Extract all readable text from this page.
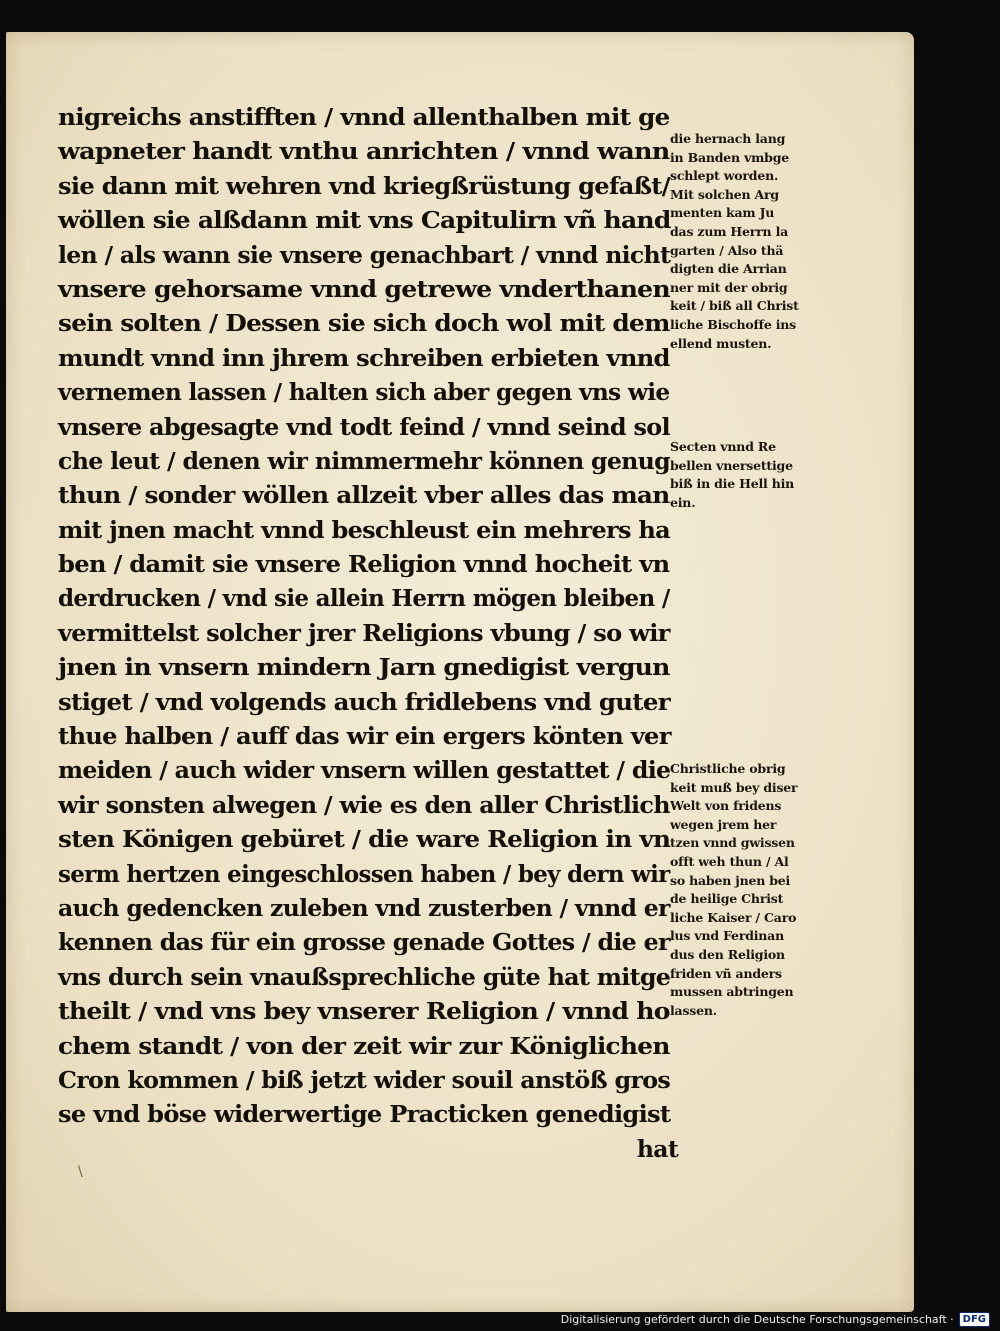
nigreichs anstifften / vnnd allenthalben mit ge
wapneter handt vnthu anrichten / vnnd wann
sie dann mit wehren vnd kriegßrüstung gefaßt/
wöllen sie alßdann mit vns Capitulirn vñ hand
len / als wann sie vnsere genachbart / vnnd nicht
vnsere gehorsame vnnd getrewe vnderthanen
sein solten / Dessen sie sich doch wol mit dem
mundt vnnd inn jhrem schreiben erbieten vnnd
vernemen lassen / halten sich aber gegen vns wie
vnsere abgesagte vnd todt feind / vnnd seind sol
che leut / denen wir nimmermehr können genug
thun / sonder wöllen allzeit vber alles das man
mit jnen macht vnnd beschleust ein mehrers ha
ben / damit sie vnsere Religion vnnd hocheit vn
derdrucken / vnd sie allein Herrn mögen bleiben /
vermittelst solcher jrer Religions vbung / so wir
jnen in vnsern mindern Jarn gnedigist vergun
stiget / vnd volgends auch fridlebens vnd guter
thue halben / auff das wir ein ergers könten ver
meiden / auch wider vnsern willen gestattet / die
wir sonsten alwegen / wie es den aller Christlich
sten Königen gebüret / die ware Religion in vn
serm hertzen eingeschlossen haben / bey dern wir
auch gedencken zuleben vnd zusterben / vnnd er
kennen das für ein grosse genade Gottes / die er
vns durch sein vnaußsprechliche güte hat mitge
theilt / vnd vns bey vnserer Religion / vnnd ho
chem standt / von der zeit wir zur Königlichen
Cron kommen / biß jetzt wider souil anstöß gros
se vnd böse widerwertige Practicken genedigist
hat
die hernach lang
in Banden vmbge
schlept worden.
Mit solchen Arg
menten kam Ju
das zum Herrn la
garten / Also thä
digten die Arrian
ner mit der obrig
keit / biß all Christ
liche Bischoffe ins
ellend musten.
Secten vnnd Re
bellen vnersettige
biß in die Hell hin
ein.
Christliche obrig
keit muß bey diser
Welt von fridens
wegen jrem her
tzen vnnd gwissen
offt weh thun / Al
so haben jnen bei
de heilige Christ
liche Kaiser / Caro
lus vnd Ferdinan
dus den Religion
friden vñ anders
mussen abtringen
lassen.
\
Digitalisierung gefördert durch die Deutsche Forschungsgemeinschaft · DFG
